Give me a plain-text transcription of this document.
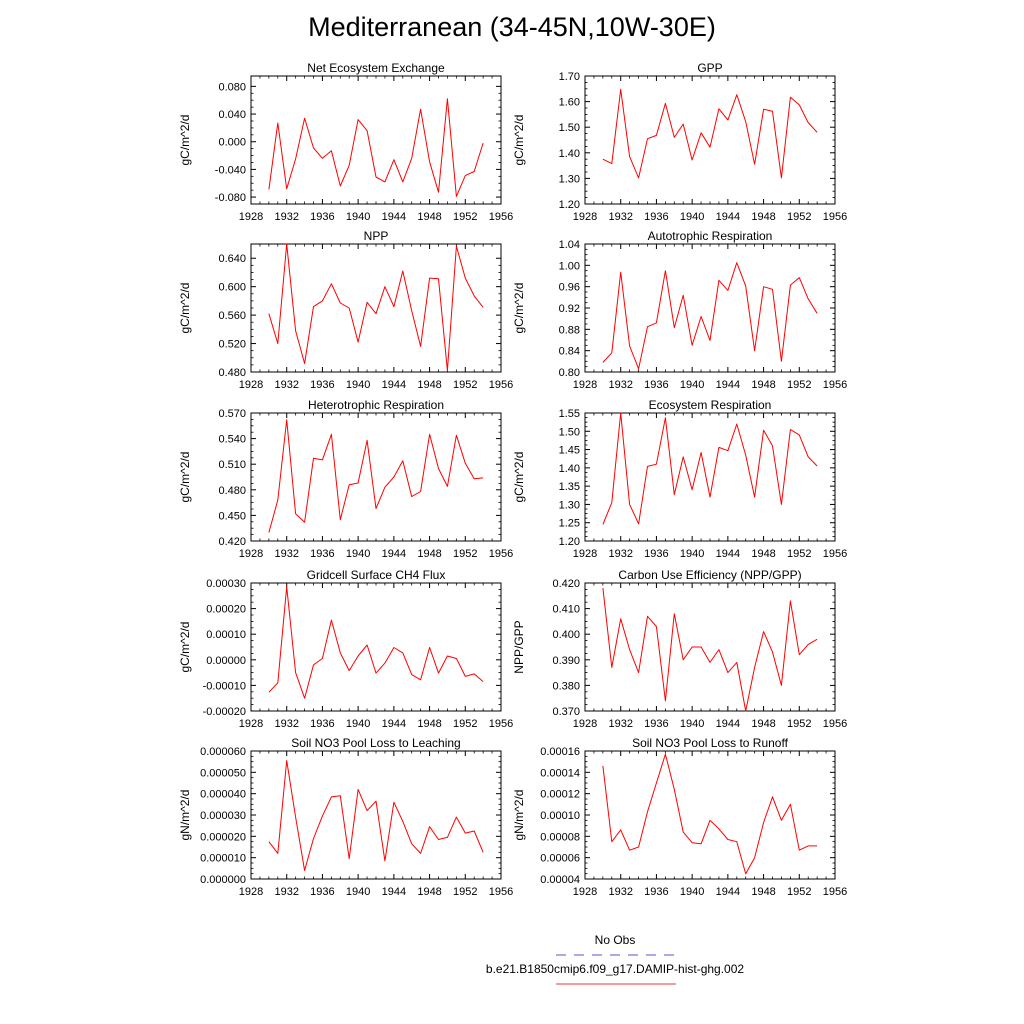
Mediterranean (34-45N,10W-30E)
Net Ecosystem Exchange
gC/m^2/d
1928 1932 1936 1940 1944 1948 1952 1956
-0.080
-0.040
0.000
0.040
0.080
GPP
gC/m^2/d
1928 1932 1936 1940 1944 1948 1952 1956
1.20
1.30
1.40
1.50
1.60
1.70
NPP
gC/m^2/d
1928 1932 1936 1940 1944 1948 1952 1956
0.480
0.520
0.560
0.600
0.640
Autotrophic Respiration
gC/m^2/d
1928 1932 1936 1940 1944 1948 1952 1956
0.80
0.84
0.88
0.92
0.96
1.00
1.04
Heterotrophic Respiration
gC/m^2/d
1928 1932 1936 1940 1944 1948 1952 1956
0.420
0.450
0.480
0.510
0.540
0.570
Ecosystem Respiration
gC/m^2/d
1928 1932 1936 1940 1944 1948 1952 1956
1.20
1.25
1.30
1.35
1.40
1.45
1.50
1.55
Gridcell Surface CH4 Flux
gC/m^2/d
1928 1932 1936 1940 1944 1948 1952 1956
-0.00020
-0.00010
0.00000
0.00010
0.00020
0.00030
Carbon Use Efficiency (NPP/GPP)
NPP/GPP
1928 1932 1936 1940 1944 1948 1952 1956
0.370
0.380
0.390
0.400
0.410
0.420
Soil NO3 Pool Loss to Leaching
gN/m^2/d
1928 1932 1936 1940 1944 1948 1952 1956
0.000000
0.000010
0.000020
0.000030
0.000040
0.000050
0.000060
Soil NO3 Pool Loss to Runoff
gN/m^2/d
1928 1932 1936 1940 1944 1948 1952 1956
0.00004
0.00006
0.00008
0.00010
0.00012
0.00014
0.00016
No Obs
b.e21.B1850cmip6.f09_g17.DAMIP-hist-ghg.002
